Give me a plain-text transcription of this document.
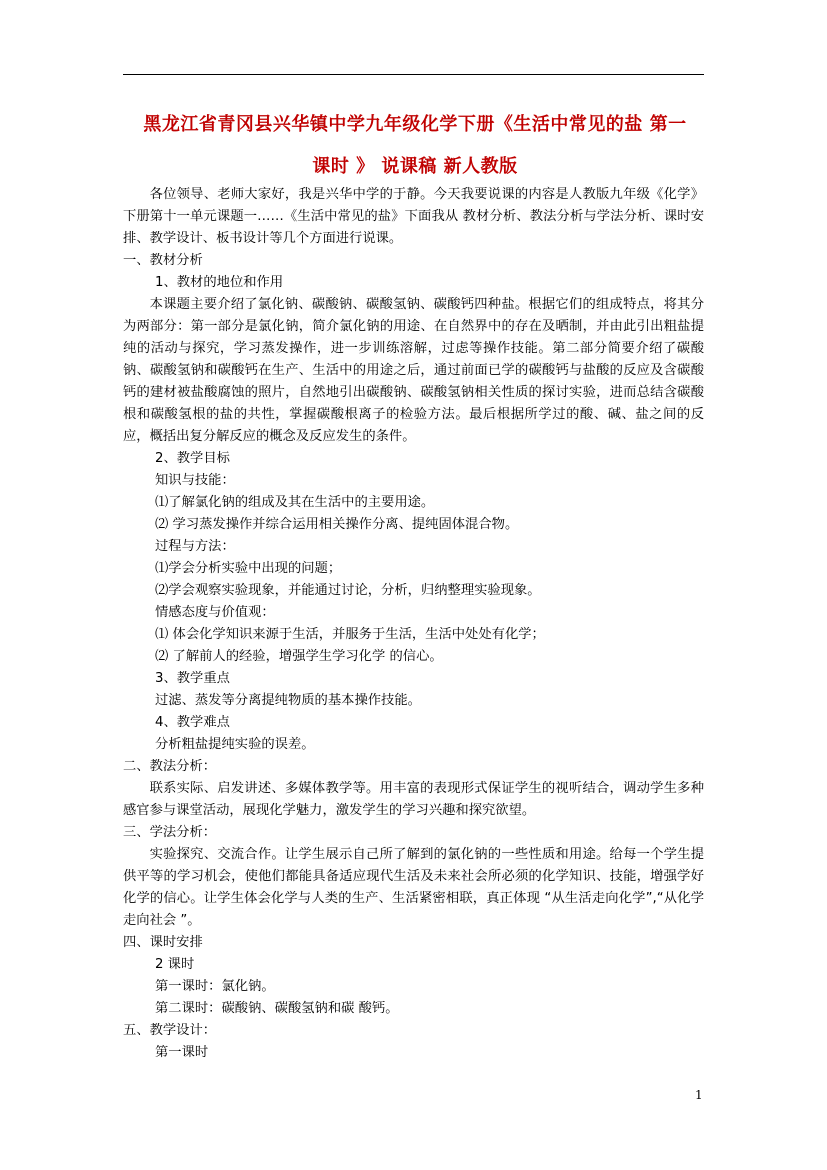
黑龙江省青冈县兴华镇中学九年级化学下册《生活中常见的盐 第一
课时 》 说课稿 新人教版

各位领导、老师大家好，我是兴华中学的于静。今天我要说课的内容是人教版九年级《化学》下册第十一单元课题一……《生活中常见的盐》下面我从 教材分析、教法分析与学法分析、课时安排、教学设计、板书设计等几个方面进行说课。

一、教材分析

1、教材的地位和作用

本课题主要介绍了氯化钠、碳酸钠、碳酸氢钠、碳酸钙四种盐。根据它们的组成特点，将其分为两部分：第一部分是氯化钠，简介氯化钠的用途、在自然界中的存在及晒制，并由此引出粗盐提纯的活动与探究，学习蒸发操作，进一步训练溶解，过虑等操作技能。第二部分简要介绍了碳酸钠、碳酸氢钠和碳酸钙在生产、生活中的用途之后，通过前面已学的碳酸钙与盐酸的反应及含碳酸钙的建材被盐酸腐蚀的照片，自然地引出碳酸钠、碳酸氢钠相关性质的探讨实验，进而总结含碳酸根和碳酸氢根的盐的共性，掌握碳酸根离子的检验方法。最后根据所学过的酸、碱、盐之间的反应，概括出复分解反应的概念及反应发生的条件。

2、教学目标

知识与技能：

⑴了解氯化钠的组成及其在生活中的主要用途。

⑵ 学习蒸发操作并综合运用相关操作分离、提纯固体混合物。

过程与方法：

⑴学会分析实验中出现的问题；

⑵学会观察实验现象，并能通过讨论，分析，归纳整理实验现象。

情感态度与价值观：

⑴ 体会化学知识来源于生活，并服务于生活，生活中处处有化学；

⑵ 了解前人的经验，增强学生学习化学 的信心。

3、教学重点

过滤、蒸发等分离提纯物质的基本操作技能。

4、教学难点

分析粗盐提纯实验的误差。

二、教法分析：

联系实际、启发讲述、多媒体教学等。用丰富的表现形式保证学生的视听结合，调动学生多种感官参与课堂活动，展现化学魅力，激发学生的学习兴趣和探究欲望。

三、学法分析：

实验探究、交流合作。让学生展示自己所了解到的氯化钠的一些性质和用途。给每一个学生提供平等的学习机会，使他们都能具备适应现代生活及未来社会所必须的化学知识、技能，增强学好化学的信心。让学生体会化学与人类的生产、生活紧密相联，真正体现 “从生活走向化学”,“从化学走向社会 ”。

四、课时安排

2 课时

第一课时：氯化钠。

第二课时：碳酸钠、碳酸氢钠和碳 酸钙。

五、教学设计：

第一课时

1
